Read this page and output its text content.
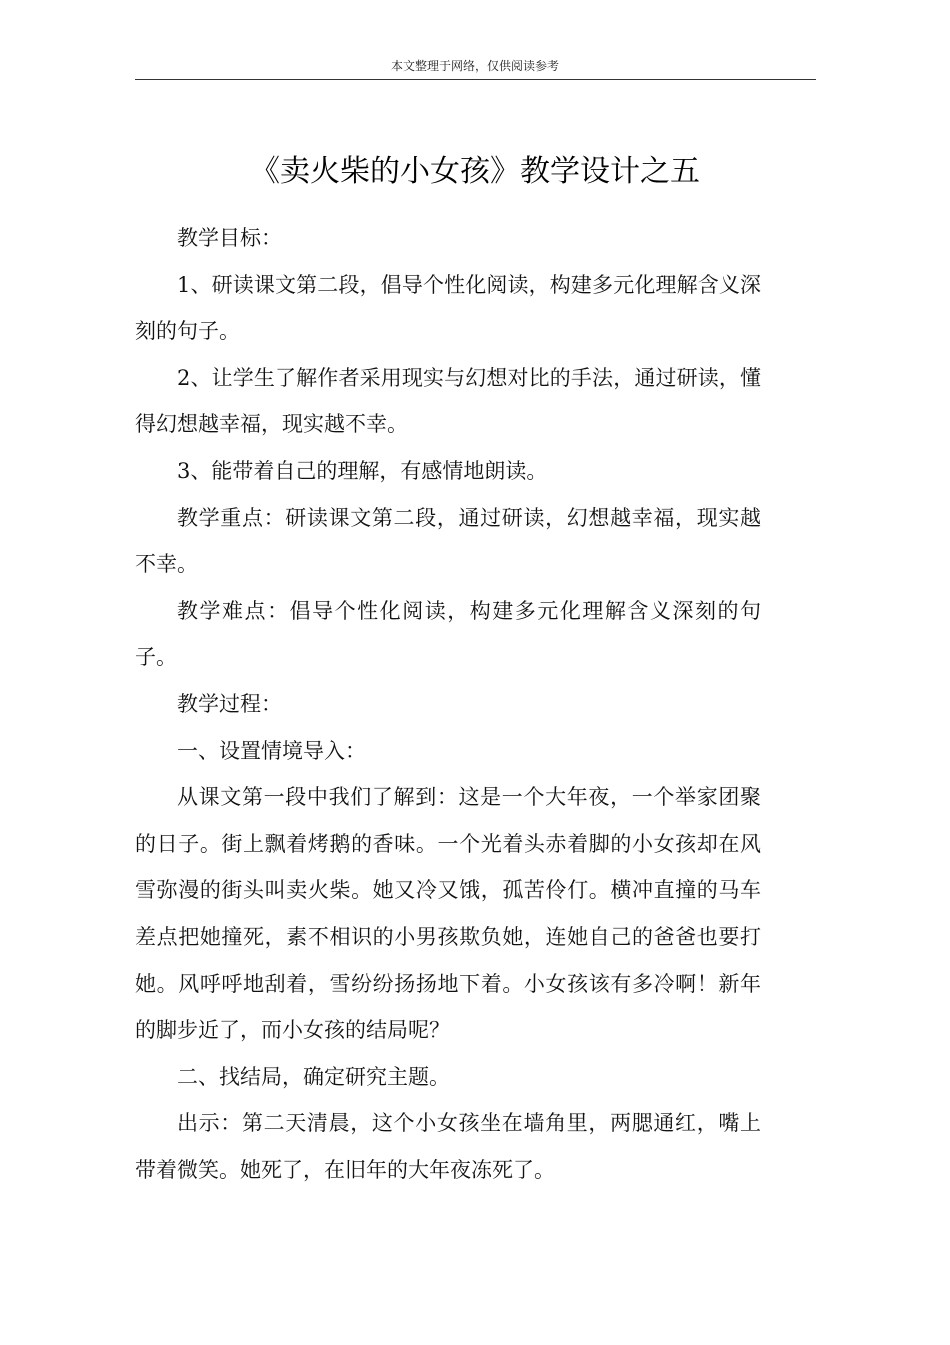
本文整理于网络，仅供阅读参考
《卖火柴的小女孩》教学设计之五

教学目标：

1、研读课文第二段，倡导个性化阅读，构建多元化理解含义深刻的句子。

2、让学生了解作者采用现实与幻想对比的手法，通过研读，懂得幻想越幸福，现实越不幸。

3、能带着自己的理解，有感情地朗读。

教学重点：研读课文第二段，通过研读，幻想越幸福，现实越不幸。

教学难点：倡导个性化阅读，构建多元化理解含义深刻的句子。

教学过程：

一、设置情境导入：

从课文第一段中我们了解到：这是一个大年夜，一个举家团聚的日子。街上飘着烤鹅的香味。一个光着头赤着脚的小女孩却在风雪弥漫的街头叫卖火柴。她又冷又饿，孤苦伶仃。横冲直撞的马车差点把她撞死，素不相识的小男孩欺负她，连她自己的爸爸也要打她。风呼呼地刮着，雪纷纷扬扬地下着。小女孩该有多冷啊！新年的脚步近了，而小女孩的结局呢？

二、找结局，确定研究主题。

出示：第二天清晨，这个小女孩坐在墙角里，两腮通红，嘴上带着微笑。她死了，在旧年的大年夜冻死了。
